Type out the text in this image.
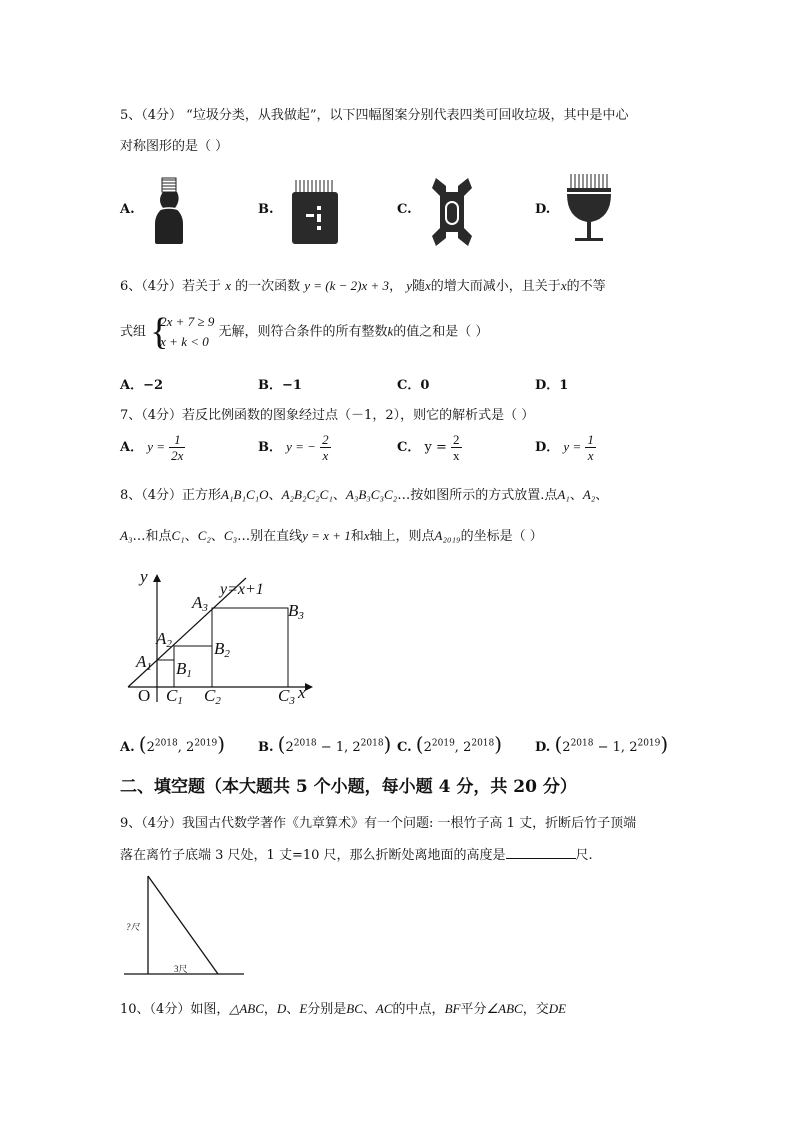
5、（4分） “垃圾分类，从我做起”，以下四幅图案分别代表四类可回收垃圾，其中是中心
对称图形的是（ ）
A.	B.	C.	D.
6、（4分）若关于 x 的一次函数 y = (k − 2)x + 3， y随x的增大而减小，且关于x的不等
式组 {
2x + 7 ≥ 9
x + k < 0
无解，则符合条件的所有整数k的值之和是（ ）
A．−2	B．−1	C．0	D．1
7、（4分）若反比例函数的图象经过点（－1，2），则它的解析式是（ ）
A． $y = \frac{1}{2x}$	B． y = − $\frac{2}{x}$	C． $y = \frac{2}{x}$	D． $y = \frac{1}{x}$
8、（4分）正方形A₁B₁C₁O、A₂B₂C₂C₁、A₃B₃C₃C₂…按如图所示的方式放置.点A₁、A₂、
A₃…和点C₁、C₂、C₃…别在直线y = x + 1和x轴上，则点A₂₀₁₉的坐标是（ ）
y
x
y=x+1
O
A1
A2
A3
B1
B2
B3
C1 C2	C3
A. ($2^{2018}$, $2^{2019}$)	B. ($2^{2018} - 1$, $2^{2018}$) C. ($2^{2019}$, $2^{2018}$)	D. ($2^{2018} - 1$, $2^{2019}$)
二、填空题（本大题共 5 个小题，每小题 4 分，共 20 分）
9、（4分）我国古代数学著作《九章算术》有一个问题: 一根竹子高 1 丈，折断后竹子顶端
落在离竹子底端 3 尺处，1 丈=10 尺，那么折断处离地面的高度是	尺.
?尺
3尺
10、（4分）如图，△ABC，D、E分别是BC、AC的中点，BF平分∠ABC，交DE
